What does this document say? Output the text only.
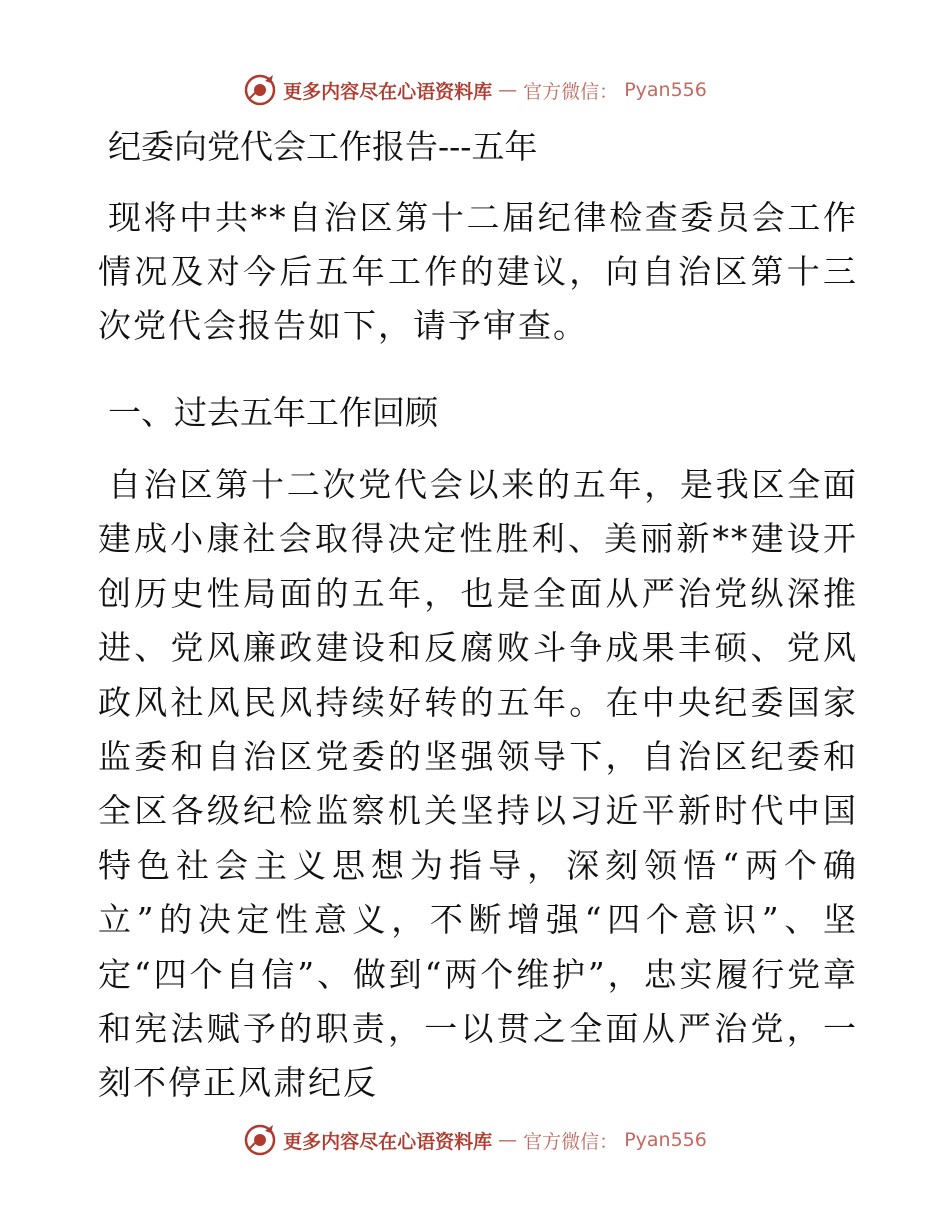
更多内容尽在心语资料库 — 官方微信： Pyan556
纪委向党代会工作报告---五年
现将中共**自治区第十二届纪律检查委员会工作情况及对今后五年工作的建议，向自治区第十三次党代会报告如下，请予审查。
一、过去五年工作回顾
自治区第十二次党代会以来的五年，是我区全面建成小康社会取得决定性胜利、美丽新**建设开创历史性局面的五年，也是全面从严治党纵深推进、党风廉政建设和反腐败斗争成果丰硕、党风政风社风民风持续好转的五年。在中央纪委国家监委和自治区党委的坚强领导下，自治区纪委和全区各级纪检监察机关坚持以习近平新时代中国特色社会主义思想为指导，深刻领悟“两个确立”的决定性意义，不断增强“四个意识”、坚定“四个自信”、做到“两个维护”，忠实履行党章和宪法赋予的职责，一以贯之全面从严治党，一刻不停正风肃纪反
更多内容尽在心语资料库 — 官方微信： Pyan556
